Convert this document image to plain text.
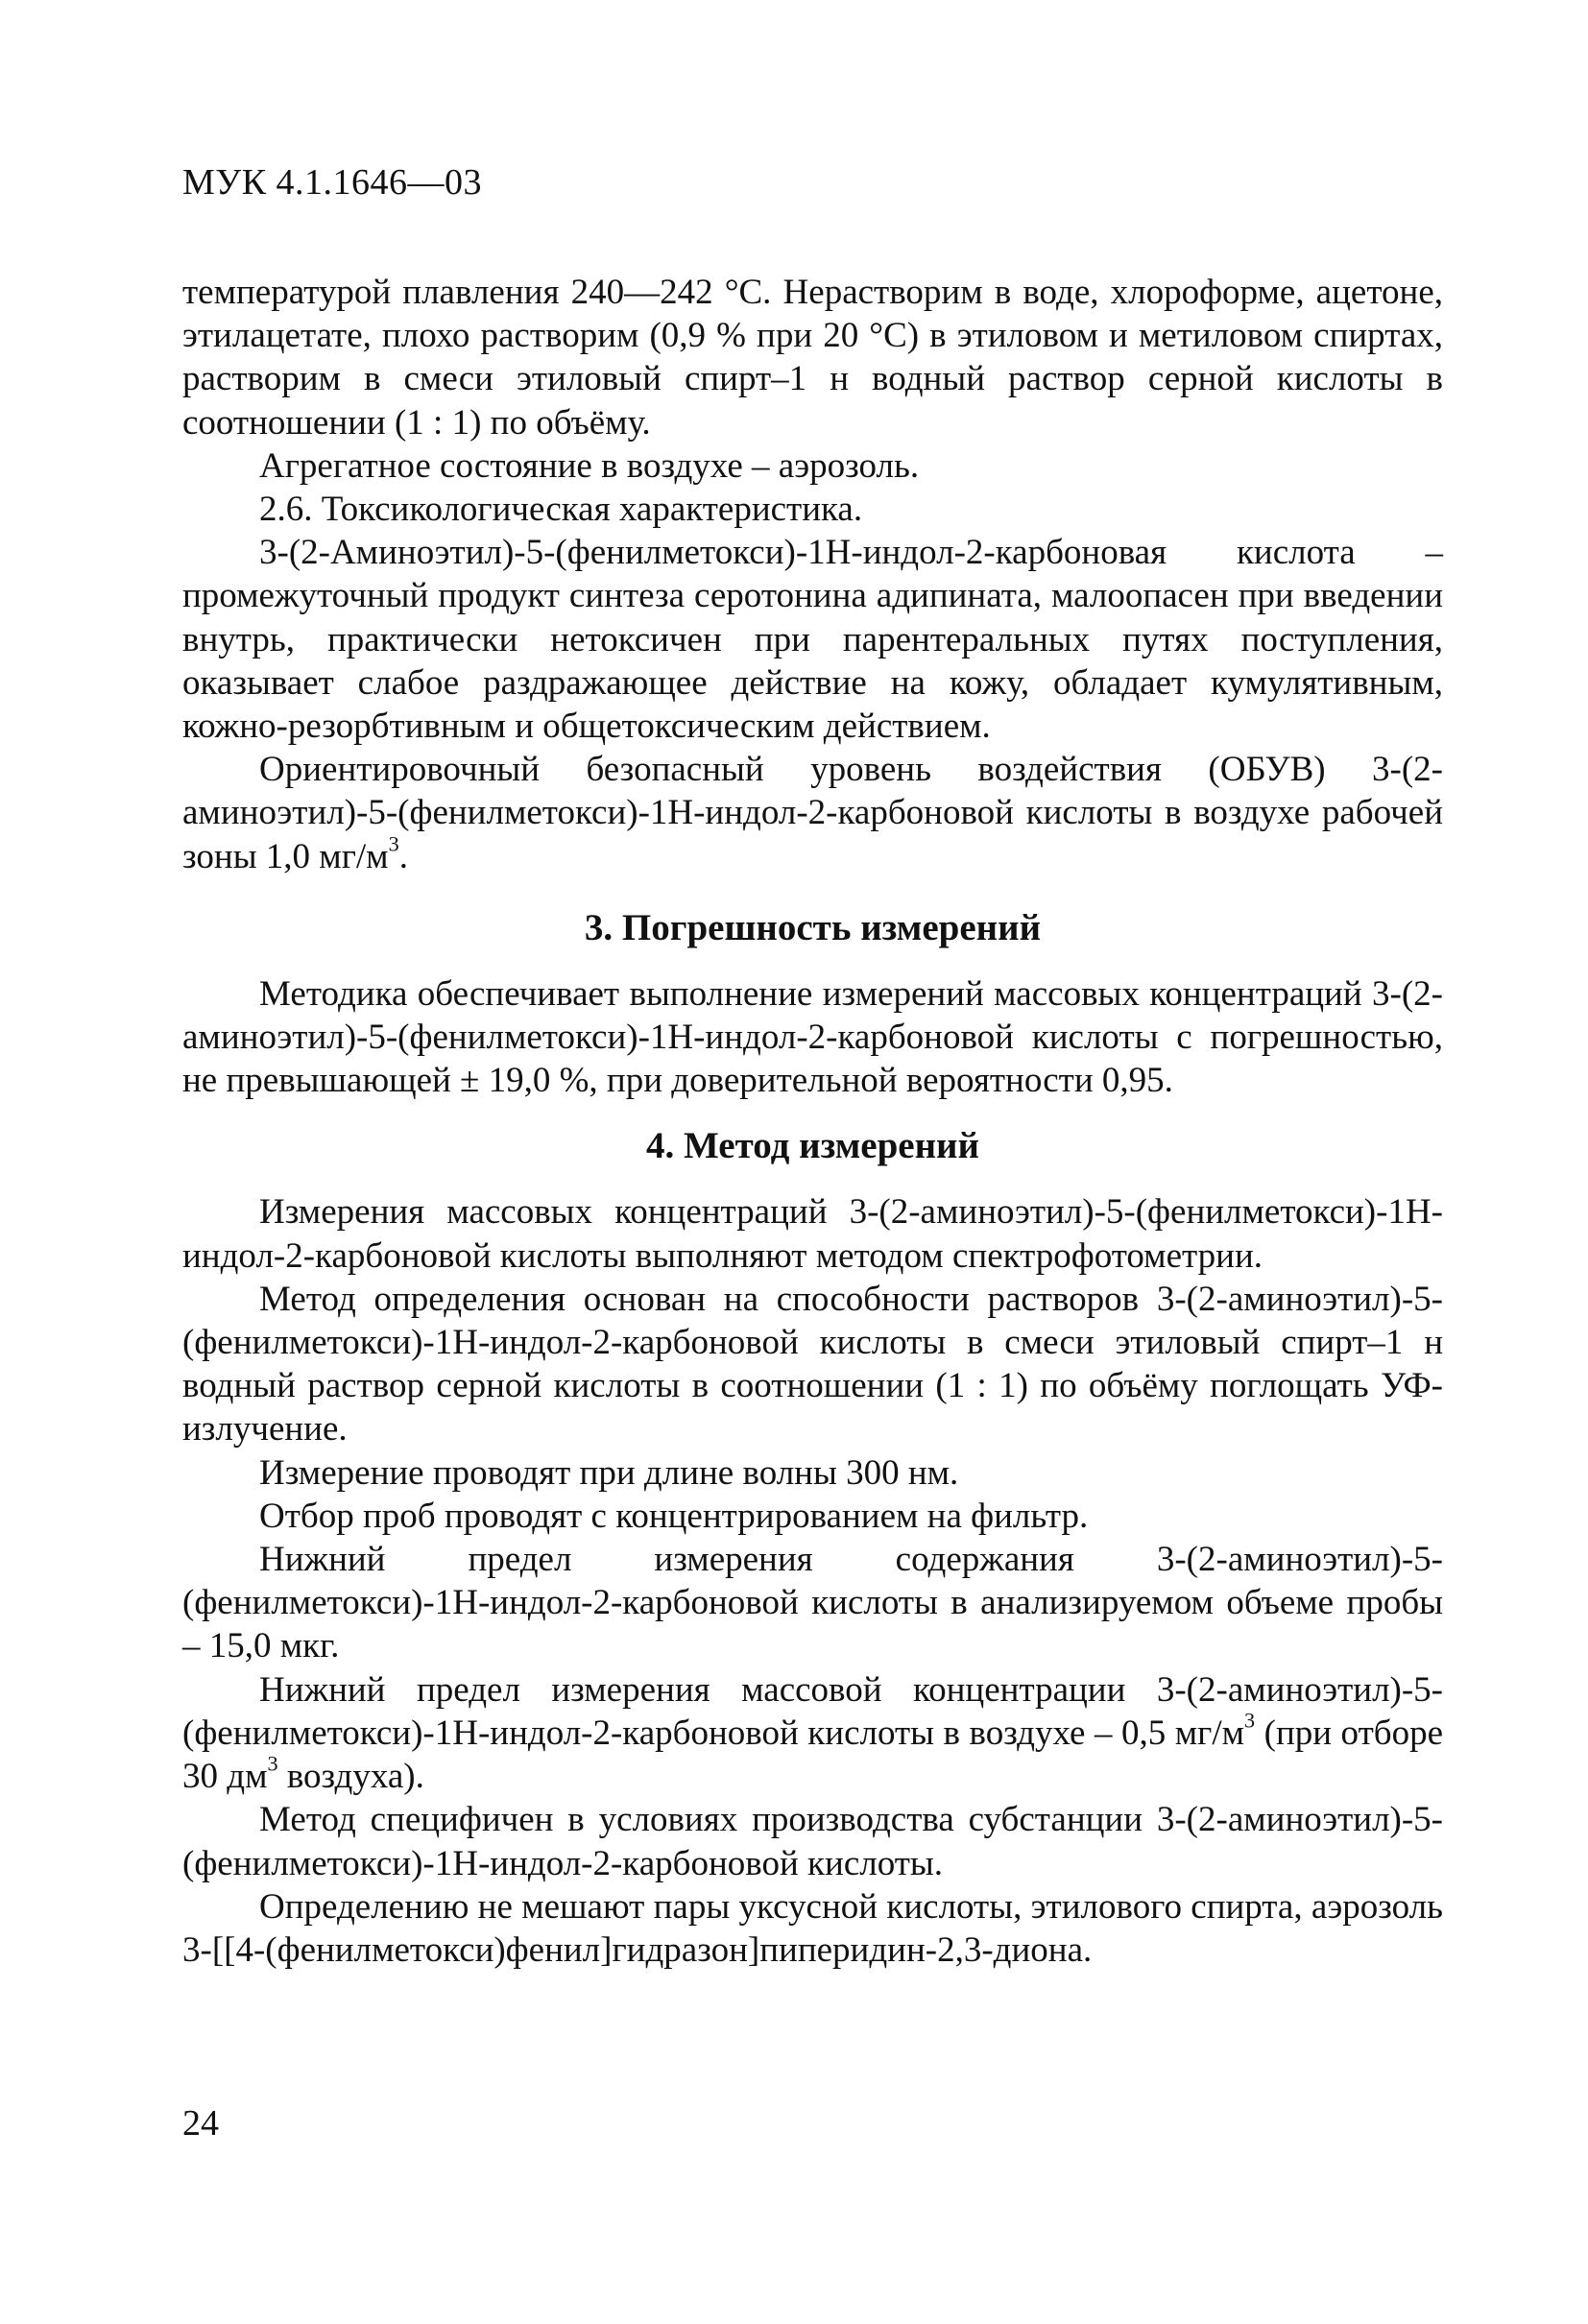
МУК 4.1.1646—03

температурой плавления 240—242 °С. Нерастворим в воде, хлороформе, ацетоне, этилацетате, плохо растворим (0,9 % при 20 °С) в этиловом и метиловом спиртах, растворим в смеси этиловый спирт–1 н водный раствор серной кислоты в соотношении (1 : 1) по объёму.

Агрегатное состояние в воздухе – аэрозоль.

2.6. Токсикологическая характеристика.

3-(2-Аминоэтил)-5-(фенилметокси)-1Н-индол-2-карбоновая кислота – промежуточный продукт синтеза серотонина адипината, малоопасен при введении внутрь, практически нетоксичен при парентеральных путях поступления, оказывает слабое раздражающее действие на кожу, обладает кумулятивным, кожно-резорбтивным и общетоксическим действием.

Ориентировочный безопасный уровень воздействия (ОБУВ) 3-(2-аминоэтил)-5-(фенилметокси)-1Н-индол-2-карбоновой кислоты в воздухе рабочей зоны 1,0 $мг/м^3$.

3. Погрешность измерений

Методика обеспечивает выполнение измерений массовых концентраций 3-(2-аминоэтил)-5-(фенилметокси)-1Н-индол-2-карбоновой кислоты с погрешностью, не превышающей ± 19,0 %, при доверительной вероятности 0,95.

4. Метод измерений

Измерения массовых концентраций 3-(2-аминоэтил)-5-(фенилметокси)-1Н-индол-2-карбоновой кислоты выполняют методом спектрофотометрии.

Метод определения основан на способности растворов 3-(2-аминоэтил)-5-(фенилметокси)-1Н-индол-2-карбоновой кислоты в смеси этиловый спирт–1 н водный раствор серной кислоты в соотношении (1 : 1) по объёму поглощать УФ-излучение.

Измерение проводят при длине волны 300 нм.

Отбор проб проводят с концентрированием на фильтр.

Нижний предел измерения содержания 3-(2-аминоэтил)-5-(фенилметокси)-1Н-индол-2-карбоновой кислоты в анализируемом объеме пробы – 15,0 мкг.

Нижний предел измерения массовой концентрации 3-(2-аминоэтил)-5-(фенилметокси)-1Н-индол-2-карбоновой кислоты в воздухе – 0,5 $мг/м^3$ (при отборе 30 $дм^3$ воздуха).

Метод специфичен в условиях производства субстанции 3-(2-аминоэтил)-5-(фенилметокси)-1Н-индол-2-карбоновой кислоты.

Определению не мешают пары уксусной кислоты, этилового спирта, аэрозоль 3-[[4-(фенилметокси)фенил]гидразон]пиперидин-2,3-диона.

24
